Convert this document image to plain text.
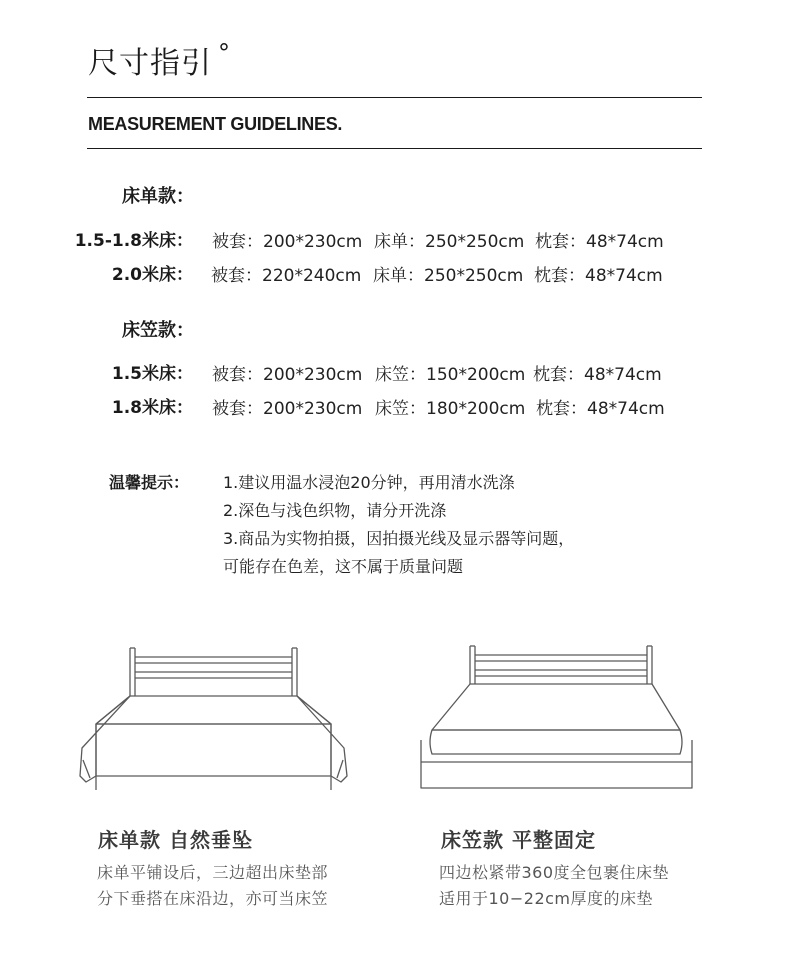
尺寸指引 °
MEASUREMENT GUIDELINES.
床单款：
1.5-1.8米床： 被套：200*230cm 床单：250*250cm 枕套：48*74cm
2.0米床： 被套：220*240cm 床单：250*250cm 枕套：48*74cm
床笠款：
1.5米床： 被套：200*230cm 床笠：150*200cm 枕套：48*74cm
1.8米床： 被套：200*230cm 床笠：180*200cm 枕套：48*74cm
温馨提示： 1.建议用温水浸泡20分钟，再用清水洗涤
2.深色与浅色织物，请分开洗涤
3.商品为实物拍摄，因拍摄光线及显示器等问题，
可能存在色差，这不属于质量问题
床单款 自然垂坠
床单平铺设后，三边超出床垫部
分下垂搭在床沿边，亦可当床笠
床笠款 平整固定
四边松紧带360度全包裹住床垫
适用于10−22cm厚度的床垫
